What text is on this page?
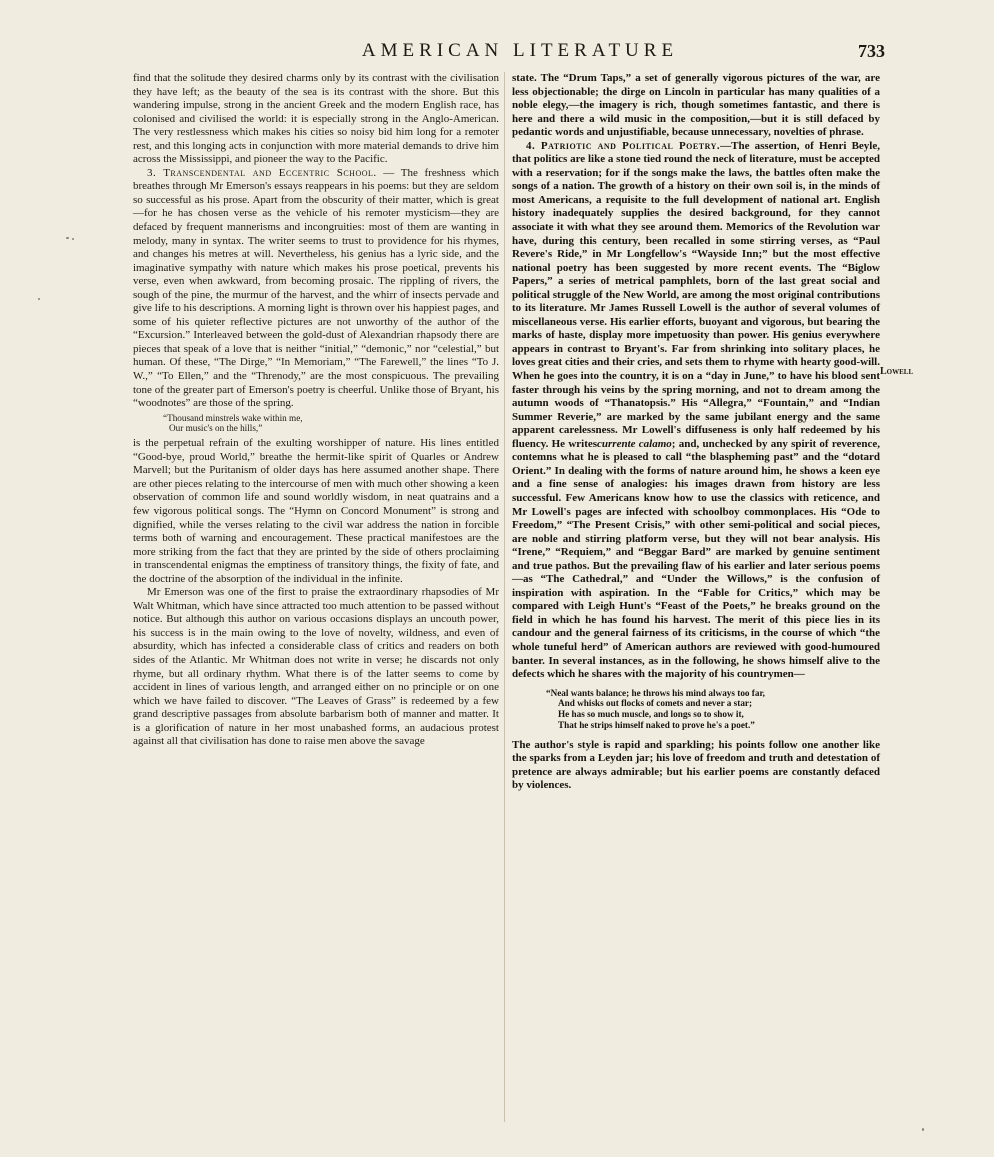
AMERICAN LITERATURE	733

find that the solitude they desired charms only by its contrast with the civilisation they have left; as the beauty of the sea is its contrast with the shore. But this wandering impulse, strong in the ancient Greek and the modern English race, has colonised and civilised the world: it is especially strong in the Anglo-American. The very restlessness which makes his cities so noisy bid him long for a remoter rest, and this longing acts in conjunction with more material demands to drive him across the Mississippi, and pioneer the way to the Pacific.

3. Transcendental and Eccentric School. — The freshness which breathes through Mr Emerson's essays reappears in his poems: but they are seldom so successful as his prose. Apart from the obscurity of their matter, which is great—for he has chosen verse as the vehicle of his remoter mysticism—they are defaced by frequent mannerisms and incongruities: most of them are wanting in melody, many in syntax. The writer seems to trust to providence for his rhymes, and changes his metres at will. Nevertheless, his genius has a lyric side, and the imaginative sympathy with nature which makes his prose poetical, prevents his verse, even when awkward, from becoming prosaic. The rippling of rivers, the sough of the pine, the murmur of the harvest, and the whirr of insects pervade and give life to his descriptions. A morning light is thrown over his happiest pages, and some of his quieter reflective pictures are not unworthy of the author of the “Excursion.” Interleaved between the gold-dust of Alexandrian rhapsody there are pieces that speak of a love that is neither “initial,” “demonic,” nor “celestial,” but human. Of these, “The Dirge,” “In Memoriam,” “The Farewell,” the lines “To J. W.,” “To Ellen,” and the “Threnody,” are the most conspicuous. The prevailing tone of the greater part of Emerson's poetry is cheerful. Unlike those of Bryant, his “woodnotes” are those of the spring.

“Thousand minstrels wake within me,
Our music's on the hills,”

is the perpetual refrain of the exulting worshipper of nature. His lines entitled “Good-bye, proud World,” breathe the hermit-like spirit of Quarles or Andrew Marvell; but the Puritanism of older days has here assumed another shape. There are other pieces relating to the intercourse of men with much other showing a keen observation of common life and sound worldly wisdom, in neat quatrains and a few vigorous political songs. The “Hymn on Concord Monument” is strong and dignified, while the verses relating to the civil war address the nation in forcible terms both of warning and encouragement. These practical manifestoes are the more striking from the fact that they are printed by the side of others proclaiming in transcendental enigmas the emptiness of transitory things, the fixity of fate, and the doctrine of the absorption of the individual in the infinite.

Mr Emerson was one of the first to praise the extraordinary rhapsodies of Mr Walt Whitman, which have since attracted too much attention to be passed without notice. But although this author on various occasions displays an uncouth power, his success is in the main owing to the love of novelty, wildness, and even of absurdity, which has infected a considerable class of critics and readers on both sides of the Atlantic. Mr Whitman does not write in verse; he discards not only rhyme, but all ordinary rhythm. What there is of the latter seems to come by accident in lines of various length, and arranged either on no principle or on one which we have failed to discover. “The Leaves of Grass” is redeemed by a few grand descriptive passages from absolute barbarism both of manner and matter. It is a glorification of nature in her most unabashed forms, an audacious protest against all that civilisation has done to raise men above the savage

state. The “Drum Taps,” a set of generally vigorous pictures of the war, are less objectionable; the dirge on Lincoln in particular has many qualities of a noble elegy,—the imagery is rich, though sometimes fantastic, and there is here and there a wild music in the composition,—but it is still defaced by pedantic words and unjustifiable, because unnecessary, novelties of phrase.

4. Patriotic and Political Poetry.—The assertion, of Henri Beyle, that politics are like a stone tied round the neck of literature, must be accepted with a reservation; for if the songs make the laws, the battles often make the songs of a nation. The growth of a history on their own soil is, in the minds of most Americans, a requisite to the full development of national art. English history inadequately supplies the desired background, for they cannot associate it with what they see around them. Memorics of the Revolution war have, during this century, been recalled in some stirring verses, as “Paul Revere's Ride,” in Mr Longfellow's “Wayside Inn;” but the most effective national poetry has been suggested by more recent events. The “Biglow Papers,” a series of metrical pamphlets, born of the last great social and political struggle of the New World, are among the most original contributions to its literature. Mr James Russell Lowell is the author of several volumes of miscellaneous verse. His earlier efforts, buoyant and vigorous, but bearing the marks of haste, display more impetuosity than power. His genius everywhere appears in contrast to Bryant's. Far from shrinking into solitary places, he loves great cities and their cries, and sets them to rhyme with hearty good-will. When he goes into the country, it is on a “day in June,” to have his blood sent faster through his veins by the spring morning, and not to dream among the autumn woods of “Thanatopsis.” His “Allegra,” “Fountain,” and “Indian Summer Reverie,” are marked by the same jubilant energy and the same apparent carelessness. Mr Lowell's diffuseness is only half redeemed by his fluency. He writescurrente calamo; and, unchecked by any spirit of reverence, contemns what he is pleased to call “the blaspheming past” and the “dotard Orient.” In dealing with the forms of nature around him, he shows a keen eye and a fine sense of analogies: his images drawn from history are less successful. Few Americans know how to use the classics with reticence, and Mr Lowell's pages are infected with schoolboy commonplaces. His “Ode to Freedom,” “The Present Crisis,” with other semi-political and social pieces, are noble and stirring platform verse, but they will not bear analysis. His “Irene,” “Requiem,” and “Beggar Bard” are marked by genuine sentiment and true pathos. But the prevailing flaw of his earlier and later serious poems—as “The Cathedral,” and “Under the Willows,” is the confusion of inspiration with aspiration. In the “Fable for Critics,” which may be compared with Leigh Hunt's “Feast of the Poets,” he breaks ground on the field in which he has found his harvest. The merit of this piece lies in its candour and the general fairness of its criticisms, in the course of which “the whole tuneful herd” of American authors are reviewed with good-humoured banter. In several instances, as in the following, he shows himself alive to the defects which he shares with the majority of his countrymen—

“Neal wants balance; he throws his mind always too far,
And whisks out flocks of comets and never a star;
He has so much muscle, and longs so to show it,
That he strips himself naked to prove he's a poet.”

The author's style is rapid and sparkling; his points follow one another like the sparks from a Leyden jar; his love of freedom and truth and detestation of pretence are always admirable; but his earlier poems are constantly defaced by violences.

Lowell
